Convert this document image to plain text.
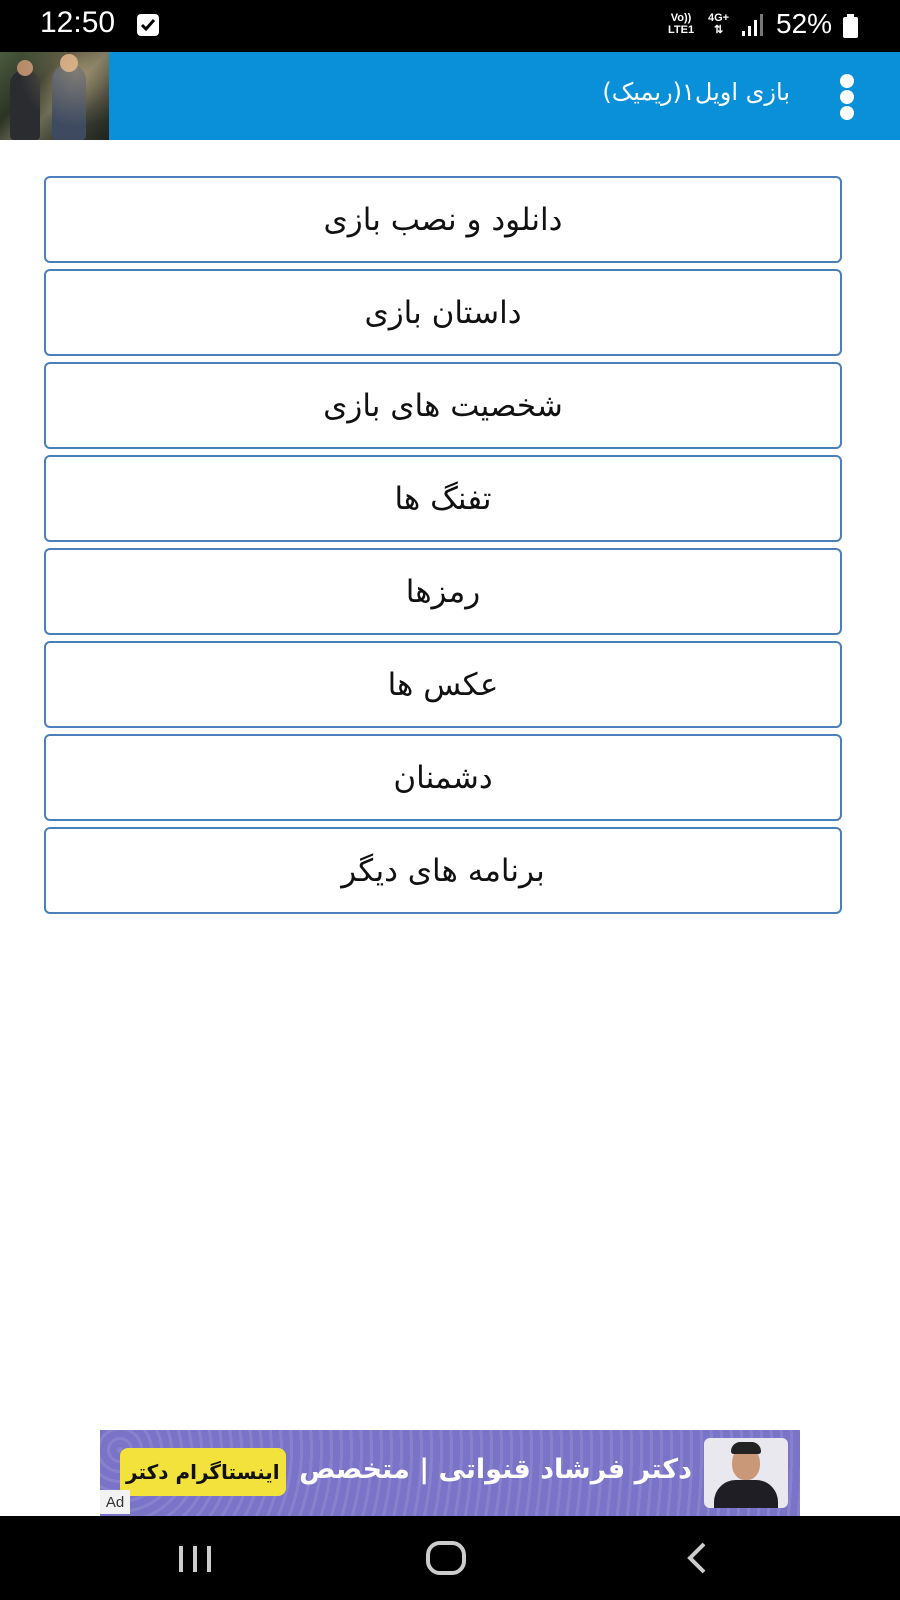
12:50	Vo))
LTE1
4G+
⇅ 52%
بازی اویل۱(ریمیک)
دانلود و نصب بازی
داستان بازی
شخصیت های بازی
تفنگ ها
رمزها
عکس ها
دشمنان
برنامه های دیگر
دکتر فرشاد قنواتی | متخصص
اینستاگرام دکتر
Ad
